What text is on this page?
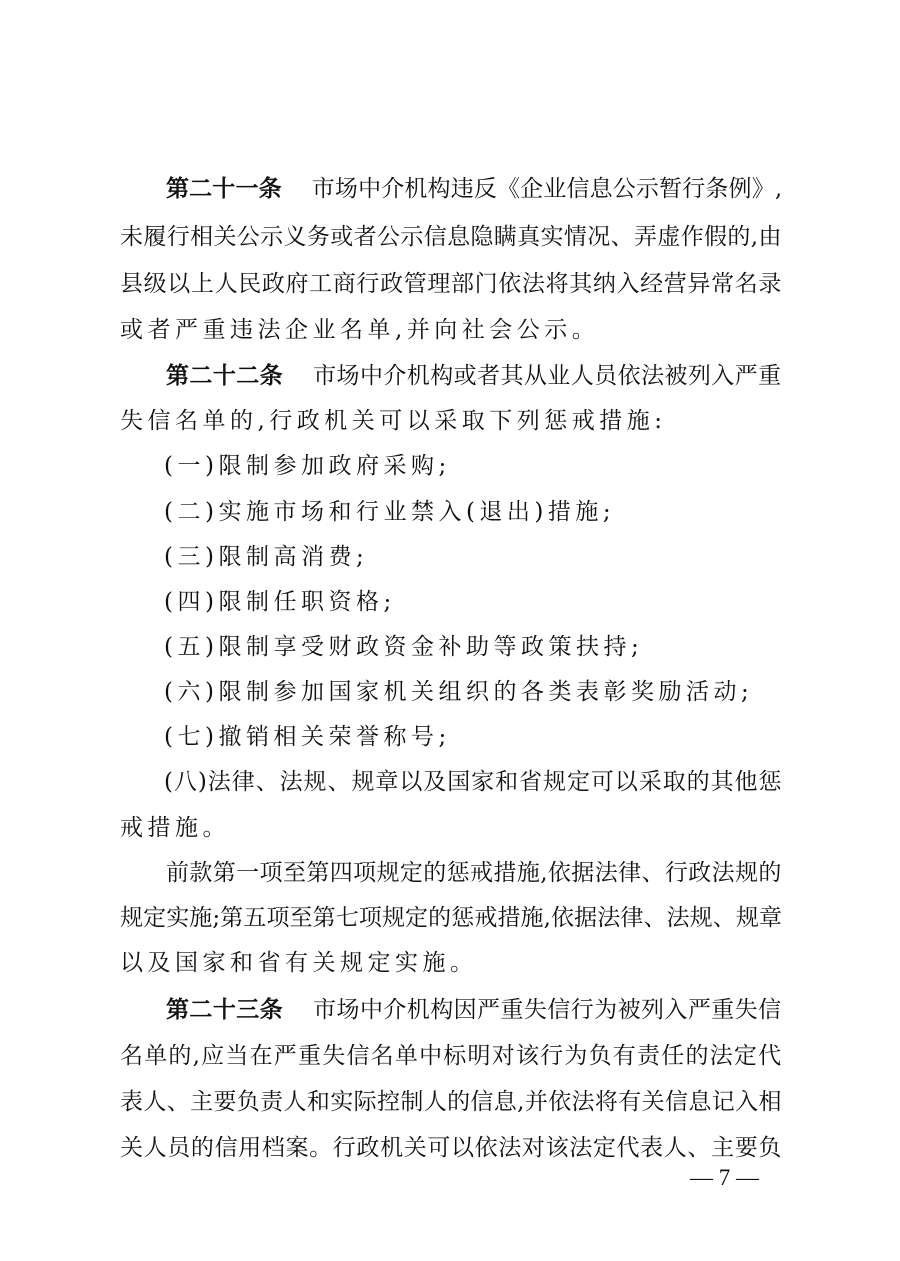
第二十一条 市场中介机构违反《企业信息公示暂行条例》,
未履行相关公示义务或者公示信息隐瞒真实情况、弄虚作假的,由
县级以上人民政府工商行政管理部门依法将其纳入经营异常名录
或者严重违法企业名单,并向社会公示。
第二十二条 市场中介机构或者其从业人员依法被列入严重
失信名单的,行政机关可以采取下列惩戒措施:
(一)限制参加政府采购;
(二)实施市场和行业禁入(退出)措施;
(三)限制高消费;
(四)限制任职资格;
(五)限制享受财政资金补助等政策扶持;
(六)限制参加国家机关组织的各类表彰奖励活动;
(七)撤销相关荣誉称号;
(八)法律、法规、规章以及国家和省规定可以采取的其他惩
戒措施。
前款第一项至第四项规定的惩戒措施,依据法律、行政法规的
规定实施;第五项至第七项规定的惩戒措施,依据法律、法规、规章
以及国家和省有关规定实施。
第二十三条 市场中介机构因严重失信行为被列入严重失信
名单的,应当在严重失信名单中标明对该行为负有责任的法定代
表人、主要负责人和实际控制人的信息,并依法将有关信息记入相
关人员的信用档案。行政机关可以依法对该法定代表人、主要负
— 7 —
